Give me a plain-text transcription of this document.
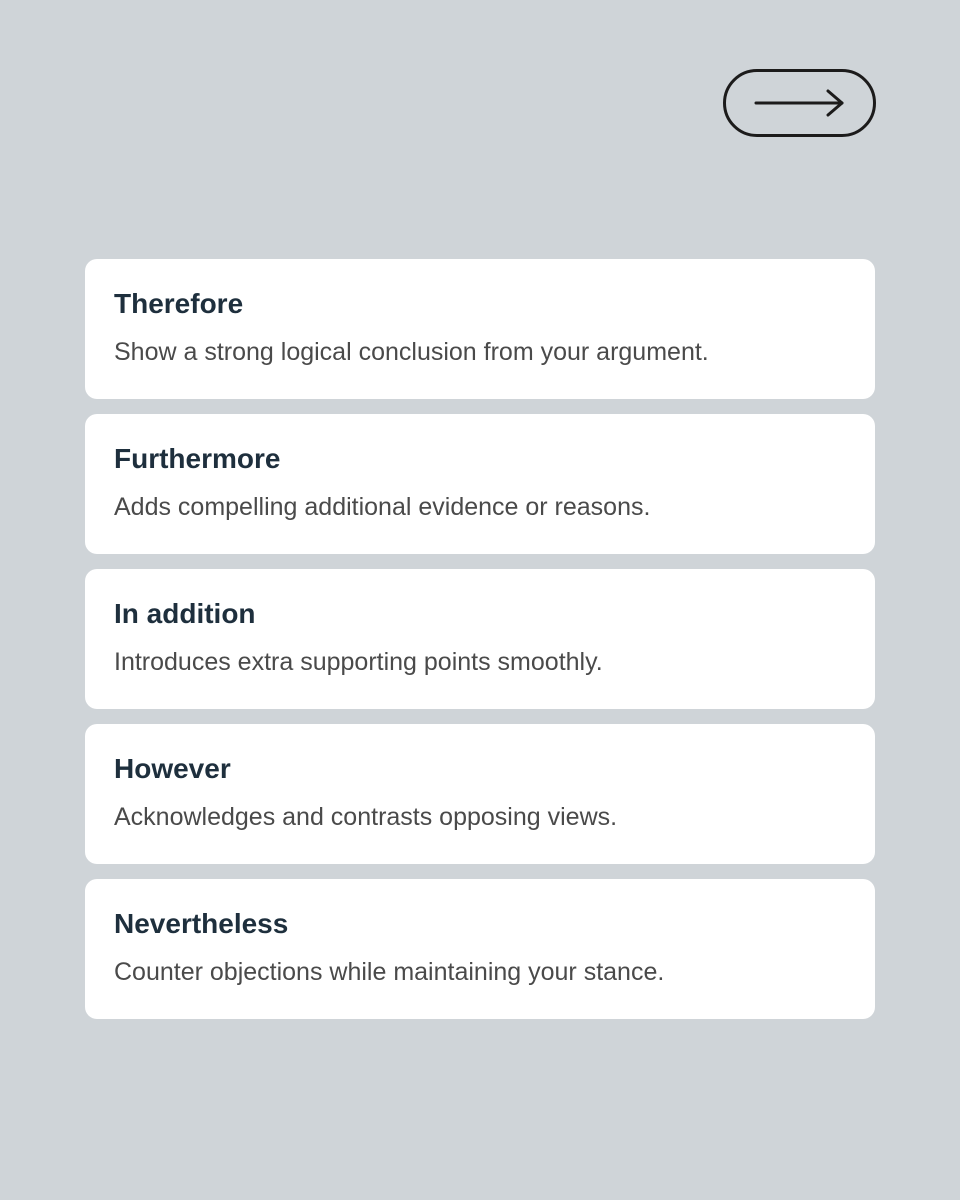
Therefore

Show a strong logical conclusion from your argument.

Furthermore

Adds compelling additional evidence or reasons.

In addition

Introduces extra supporting points smoothly.

However

Acknowledges and contrasts opposing views.

Nevertheless

Counter objections while maintaining your stance.
